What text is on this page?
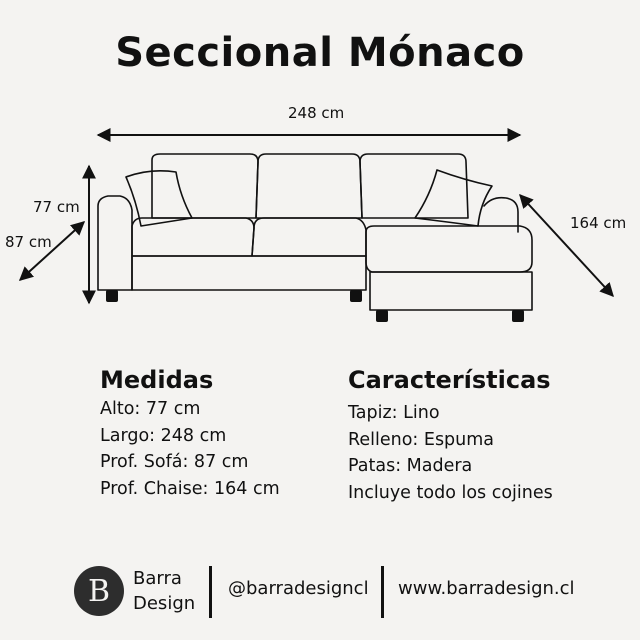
Seccional Mónaco
248 cm
77 cm
87 cm
164 cm
Medidas
Alto: 77 cm
Largo: 248 cm
Prof. Sofá: 87 cm
Prof. Chaise: 164 cm
Características
Tapiz: Lino
Relleno: Espuma
Patas: Madera
Incluye todo los cojines
B Barra
Design
@barradesigncl www.barradesign.cl
